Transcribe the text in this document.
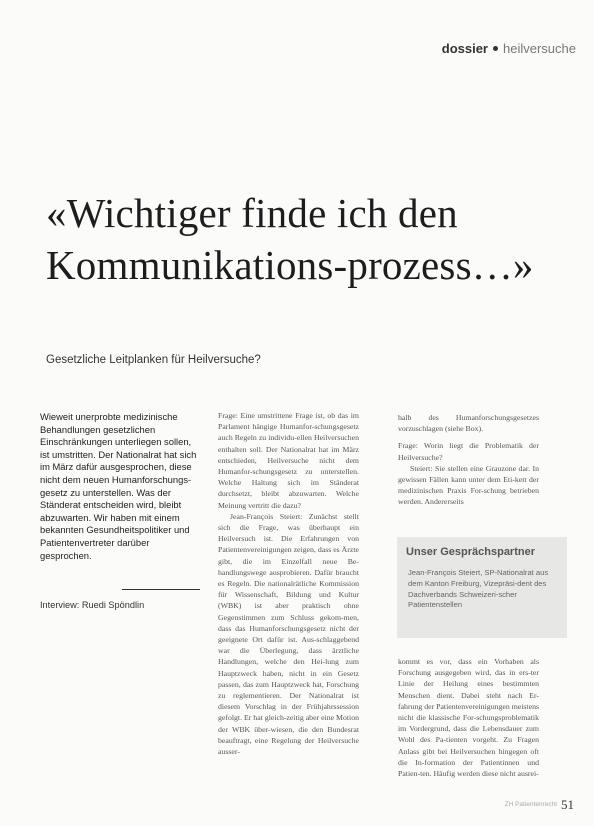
dossier heilversuche
«Wichtiger finde ich den Kommunikations-prozess…»

Gesetzliche Leitplanken für Heilversuche?

Wieweit unerprobte medizinische Behandlungen gesetzlichen Einschränkungen unterliegen sollen, ist umstritten. Der Nationalrat hat sich im März dafür ausgesprochen, diese nicht dem neuen Humanforschungs-gesetz zu unterstellen. Was der Ständerat entscheiden wird, bleibt abzuwarten. Wir haben mit einem bekannten Gesundheitspolitiker und Patientenvertreter darüber gesprochen.

Interview: Ruedi Spöndlin

Frage: Eine umstrittene Frage ist, ob das im Parlament hängige Humanfor-schungsgesetz auch Regeln zu individu-ellen Heilversuchen enthalten soll. Der Nationalrat hat im März entschieden, Heilversuche nicht dem Humanfor-schungsgesetz zu unterstellen. Welche Haltung sich im Ständerat durchsetzt, bleibt abzuwarten. Welche Meinung vertritt die dazu?

Jean-François Steiert: Zunächst stellt sich die Frage, was überhaupt ein Heilversuch ist. Die Erfahrungen von Patientenvereinigungen zeigen, dass es Ärzte gibt, die im Einzelfall neue Be-handlungswege ausprobieren. Dafür braucht es Regeln. Die nationalrätliche Kommission für Wissenschaft, Bildung und Kultur (WBK) ist aber praktisch ohne Gegenstimmen zum Schluss gekom-men, dass das Humanforschungsgesetz nicht der geeignete Ort dafür ist. Aus-schlaggebend war die Überlegung, dass ärztliche Handlungen, welche den Hei-lung zum Hauptzweck haben, nicht in ein Gesetz passen, das zum Hauptzweck hat, Forschung zu reglementieren. Der Nationalrat ist diesem Vorschlag in der Frühjahrssession gefolgt. Er hat gleich-zeitig aber eine Motion der WBK über-wiesen, die den Bundesrat beauftragt, eine Regelung der Heilversuche ausser-

halb des Humanforschungsgesetzes vorzuschlagen (siehe Box).

Frage: Worin liegt die Problematik der Heilversuche?

Steiert: Sie stellen eine Grauzone dar. In gewissen Fällen kann unter dem Eti-kett der medizinischen Praxis For-schung betrieben werden. Andererseits

Unser Gesprächspartner
Jean-François Steiert, SP-Nationalrat aus dem Kanton Freiburg, Vizepräsi-dent des Dachverbands Schweizeri-scher Patientenstellen

kommt es vor, dass ein Vorhaben als Forschung ausgegeben wird, das in ers-ter Linie der Heilung eines bestimmten Menschen dient. Dabei steht nach Er-fahrung der Patientenvereinigungen meistens nicht die klassische For-schungsproblematik im Vordergrund, dass die Lebensdauer zum Wohl des Pa-tienten vorgeht. Zu Fragen Anlass gibt bei Heilversuchen hingegen oft die In-formation der Patientinnen und Patien-ten. Häufig werden diese nicht ausrei-

ZH Patientenrecht 51
